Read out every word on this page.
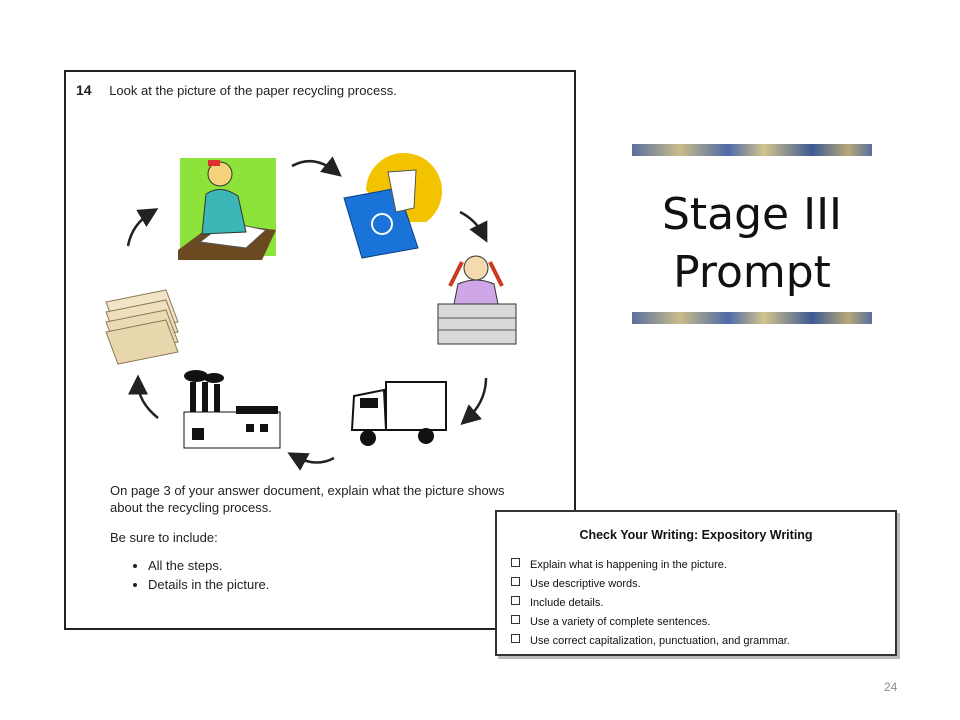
14 Look at the picture of the paper recycling process.
On page 3 of your answer document, explain what the picture shows about the recycling process.
Be sure to include:
• All the steps.
• Details in the picture.
Stage III
Prompt
Check Your Writing: Expository Writing
Explain what is happening in the picture.
Use descriptive words.
Include details.
Use a variety of complete sentences.
Use correct capitalization, punctuation, and grammar.
24
